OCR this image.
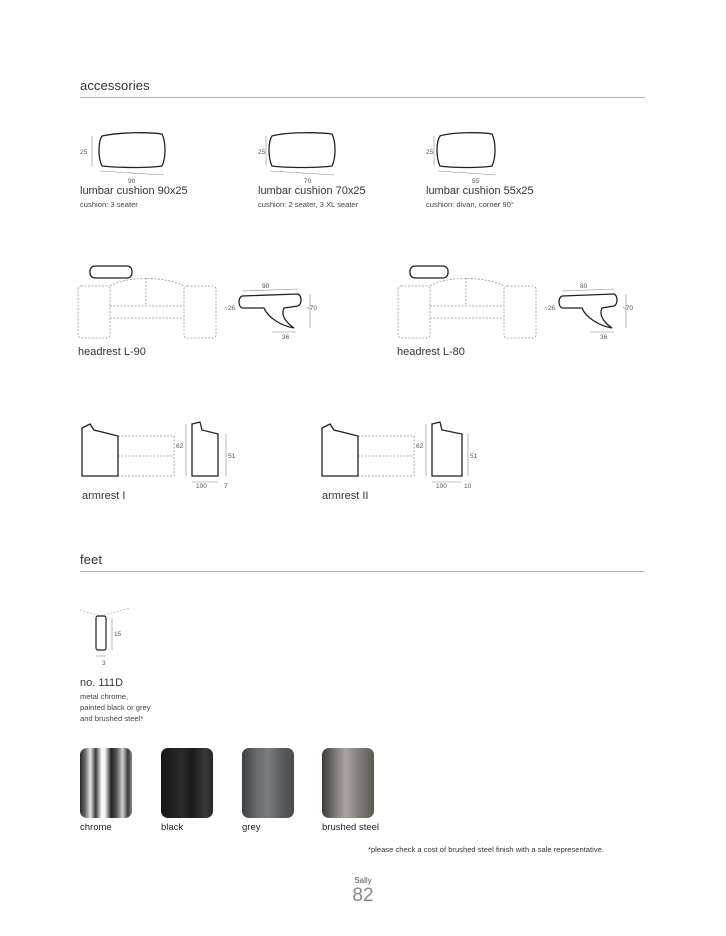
accessories
25
90
lumbar cushion 90x25
cushion: 3 seater
25
70
lumbar cushion 70x25
cushion: 2 seater, 3 XL seater
25
55
lumbar cushion 55x25
cushion: divan, corner 90°
90
~26	~70
36
headrest L-90
80
~26	~70
36
headrest L-80
62
51
100	7
armrest I
62
51
100	10
armrest II
feet
15
3
no. 111D
metal chrome,
painted black or grey
and brushed steel*
chrome	black	grey	brushed steel
*please check a cost of brushed steel finish with a sale representative.
Sally
82
